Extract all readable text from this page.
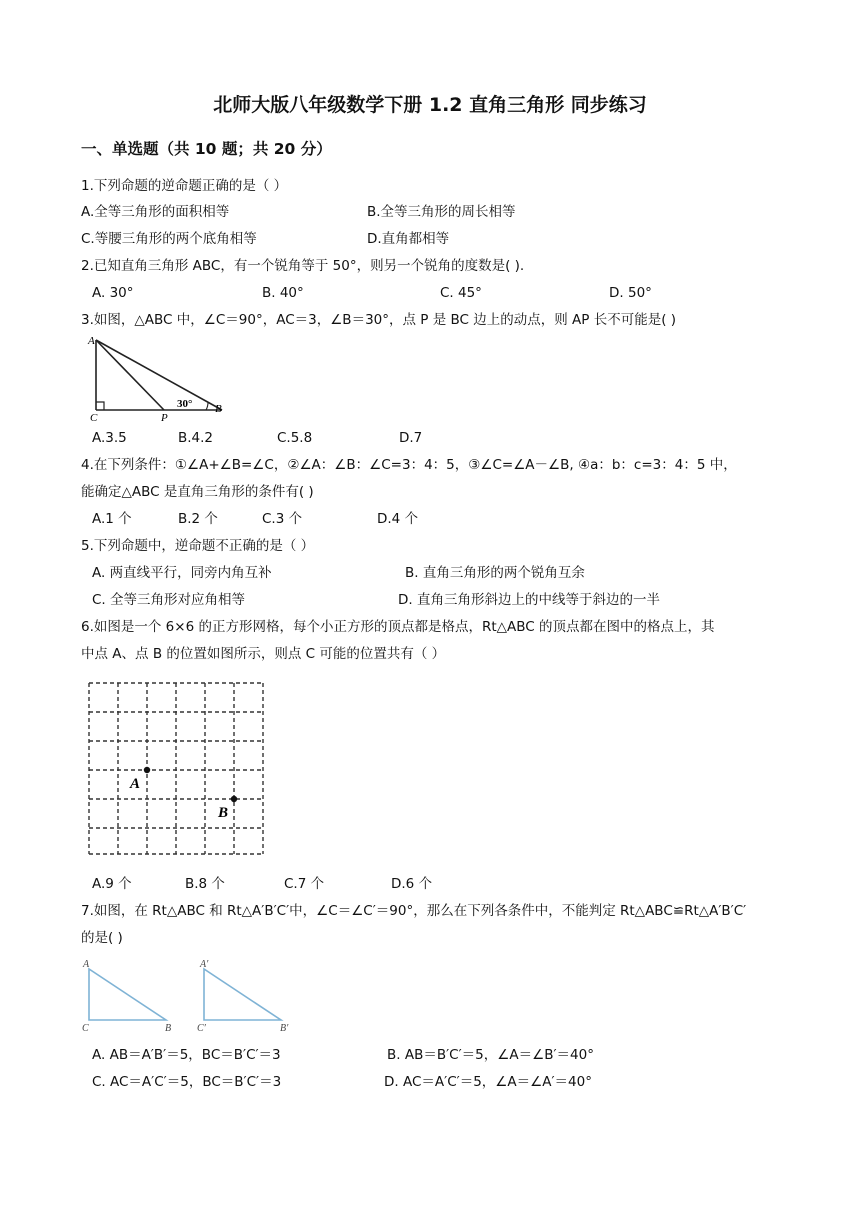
北师大版八年级数学下册 1.2 直角三角形 同步练习
一、单选题（共 10 题；共 20 分）
1.下列命题的逆命题正确的是（ ）
A.全等三角形的面积相等	B.全等三角形的周长相等
C.等腰三角形的两个底角相等	D.直角都相等
2.已知直角三角形 ABC，有一个锐角等于 50°，则另一个锐角的度数是( ).
A. 30°	B. 40°	C. 45°	D. 50°
3.如图，△ABC 中，∠C＝90°，AC＝3，∠B＝30°，点 P 是 BC 边上的动点，则 AP 长不可能是( )
A
C	P
B
30°
A.3.5	B.4.2	C.5.8	D.7
4.在下列条件：①∠A+∠B=∠C，②∠A：∠B：∠C=3：4：5，③∠C=∠A－∠B, ④a：b：c=3：4：5 中，
能确定△ABC 是直角三角形的条件有( )
A.1 个	B.2 个	C.3 个	D.4 个
5.下列命题中，逆命题不正确的是（ ）
A. 两直线平行，同旁内角互补	B. 直角三角形的两个锐角互余
C. 全等三角形对应角相等	D. 直角三角形斜边上的中线等于斜边的一半
6.如图是一个 6×6 的正方形网格，每个小正方形的顶点都是格点，Rt△ABC 的顶点都在图中的格点上，其
中点 A、点 B 的位置如图所示，则点 C 可能的位置共有（ ）
A
B
A.9 个	B.8 个	C.7 个	D.6 个
7.如图，在 Rt△ABC 和 Rt△A′B′C′中，∠C＝∠C′＝90°，那么在下列各条件中，不能判定 Rt△ABC≌Rt△A′B′C′
的是( )
A
C	B
A′
C′	B′
A. AB＝A′B′＝5，BC＝B′C′＝3	B. AB＝B′C′＝5，∠A＝∠B′＝40°
C. AC＝A′C′＝5，BC＝B′C′＝3	D. AC＝A′C′＝5，∠A＝∠A′＝40°
